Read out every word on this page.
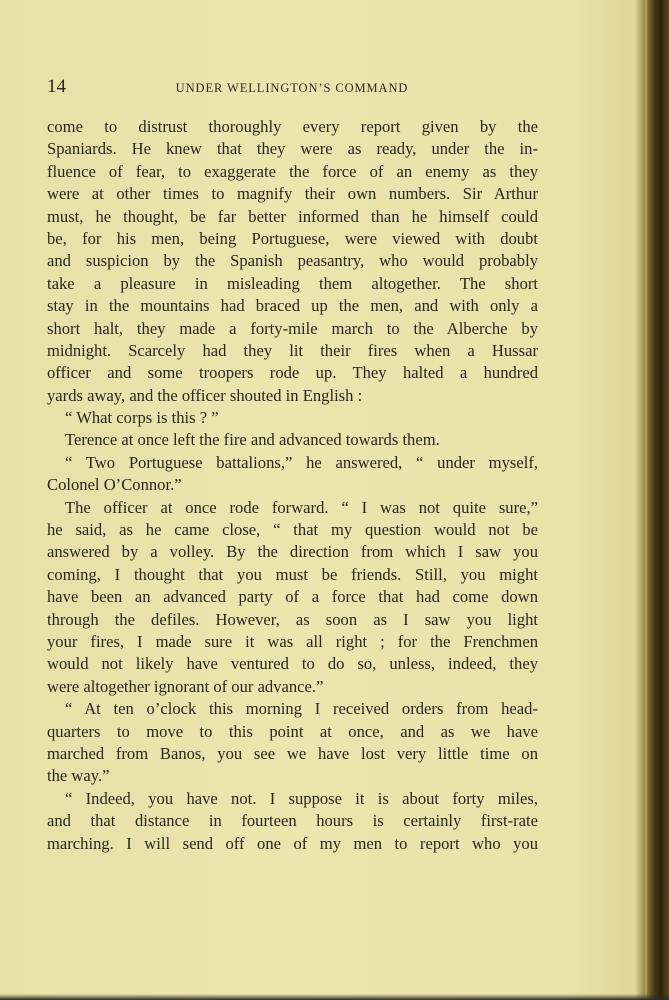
14	UNDER WELLINGTON’S COMMAND
come to distrust thoroughly every report given by the
Spaniards. He knew that they were as ready, under the in-
fluence of fear, to exaggerate the force of an enemy as they
were at other times to magnify their own numbers. Sir Arthur
must, he thought, be far better informed than he himself could
be, for his men, being Portuguese, were viewed with doubt
and suspicion by the Spanish peasantry, who would probably
take a pleasure in misleading them altogether. The short
stay in the mountains had braced up the men, and with only a
short halt, they made a forty-mile march to the Alberche by
midnight. Scarcely had they lit their fires when a Hussar
officer and some troopers rode up. They halted a hundred
yards away, and the officer shouted in English :
“ What corps is this ? ”
Terence at once left the fire and advanced towards them.
“ Two Portuguese battalions,” he answered, “ under myself,
Colonel O’Connor.”
The officer at once rode forward. “ I was not quite sure,”
he said, as he came close, “ that my question would not be
answered by a volley. By the direction from which I saw you
coming, I thought that you must be friends. Still, you might
have been an advanced party of a force that had come down
through the defiles. However, as soon as I saw you light
your fires, I made sure it was all right ; for the Frenchmen
would not likely have ventured to do so, unless, indeed, they
were altogether ignorant of our advance.”
“ At ten o’clock this morning I received orders from head-
quarters to move to this point at once, and as we have
marched from Banos, you see we have lost very little time on
the way.”
“ Indeed, you have not. I suppose it is about forty miles,
and that distance in fourteen hours is certainly first-rate
marching. I will send off one of my men to report who you
